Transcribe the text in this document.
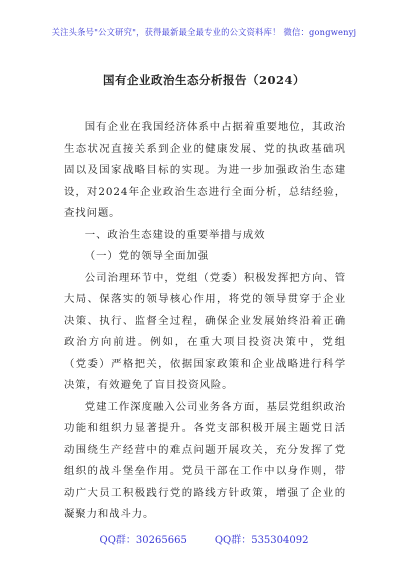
关注头条号"公文研究"，获得最新最全最专业的公文资料库！ 微信：gongwenyj
国有企业政治生态分析报告（2024）

国有企业在我国经济体系中占据着重要地位，其政治生态状况直接关系到企业的健康发展、党的执政基础巩固以及国家战略目标的实现。为进一步加强政治生态建设，对2024年企业政治生态进行全面分析，总结经验，查找问题。

一、政治生态建设的重要举措与成效

（一）党的领导全面加强

公司治理环节中，党组（党委）积极发挥把方向、管大局、保落实的领导核心作用，将党的领导贯穿于企业决策、执行、监督全过程，确保企业发展始终沿着正确政治方向前进。例如，在重大项目投资决策中，党组（党委）严格把关，依据国家政策和企业战略进行科学决策，有效避免了盲目投资风险。

党建工作深度融入公司业务各方面，基层党组织政治功能和组织力显著提升。各党支部积极开展主题党日活动围绕生产经营中的难点问题开展攻关，充分发挥了党组织的战斗堡垒作用。党员干部在工作中以身作则，带动广大员工积极践行党的路线方针政策，增强了企业的凝聚力和战斗力。

QQ群：30265665	QQ群：535304092
